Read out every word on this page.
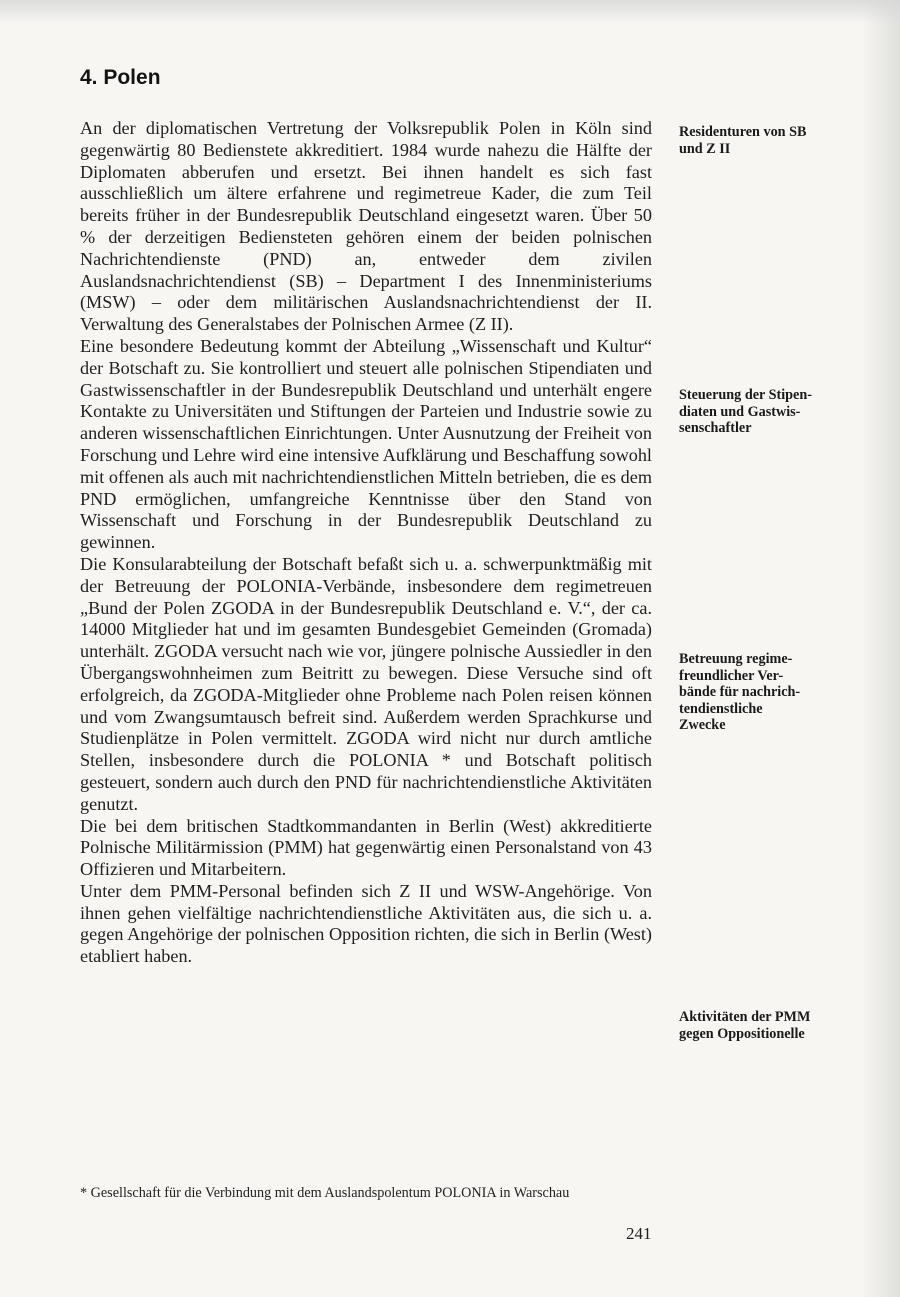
4. Polen

An der diplomatischen Vertretung der Volksrepublik Polen in Köln sind gegenwärtig 80 Bedienstete akkreditiert. 1984 wurde nahezu die Hälfte der Diplomaten abberufen und ersetzt. Bei ihnen handelt es sich fast ausschließlich um ältere erfahrene und regimetreue Kader, die zum Teil bereits früher in der Bundesrepublik Deutschland eingesetzt waren. Über 50 % der derzeitigen Bediensteten gehören einem der beiden polnischen Nachrichtendienste (PND) an, entweder dem zivilen Auslandsnachrichtendienst (SB) – Department I des Innenministeriums (MSW) – oder dem militärischen Auslandsnachrichtendienst der II. Verwaltung des Generalstabes der Polnischen Armee (Z II).

Eine besondere Bedeutung kommt der Abteilung „Wissenschaft und Kultur“ der Botschaft zu. Sie kontrolliert und steuert alle polnischen Stipendiaten und Gastwissenschaftler in der Bundesrepublik Deutschland und unterhält engere Kontakte zu Universitäten und Stiftungen der Parteien und Industrie sowie zu anderen wissenschaftlichen Einrichtungen. Unter Ausnutzung der Freiheit von Forschung und Lehre wird eine intensive Aufklärung und Beschaffung sowohl mit offenen als auch mit nachrichtendienstlichen Mitteln betrieben, die es dem PND ermöglichen, umfangreiche Kenntnisse über den Stand von Wissenschaft und Forschung in der Bundesrepublik Deutschland zu gewinnen.

Die Konsularabteilung der Botschaft befaßt sich u. a. schwerpunktmäßig mit der Betreuung der POLONIA-Verbände, insbesondere dem regimetreuen „Bund der Polen ZGODA in der Bundesrepublik Deutschland e. V.“, der ca. 14000 Mitglieder hat und im gesamten Bundesgebiet Gemeinden (Gromada) unterhält. ZGODA versucht nach wie vor, jüngere polnische Aussiedler in den Übergangswohnheimen zum Beitritt zu bewegen. Diese Versuche sind oft erfolgreich, da ZGODA-Mitglieder ohne Probleme nach Polen reisen können und vom Zwangsumtausch befreit sind. Außerdem werden Sprachkurse und Studienplätze in Polen vermittelt. ZGODA wird nicht nur durch amtliche Stellen, insbesondere durch die POLONIA * und Botschaft politisch gesteuert, sondern auch durch den PND für nachrichtendienstliche Aktivitäten genutzt.

Die bei dem britischen Stadtkommandanten in Berlin (West) akkreditierte Polnische Militärmission (PMM) hat gegenwärtig einen Personalstand von 43 Offizieren und Mitarbeitern.

Unter dem PMM-Personal befinden sich Z II und WSW-Angehörige. Von ihnen gehen vielfältige nachrichtendienstliche Aktivitäten aus, die sich u. a. gegen Angehörige der polnischen Opposition richten, die sich in Berlin (West) etabliert haben.

Residenturen von SB
und Z II

Steuerung der Stipen-
diaten und Gastwis-
senschaftler

Betreuung regime-
freundlicher Ver-
bände für nachrich-
tendienstliche
Zwecke

Aktivitäten der PMM
gegen Oppositionelle

* Gesellschaft für die Verbindung mit dem Auslandspolentum POLONIA in Warschau

241
